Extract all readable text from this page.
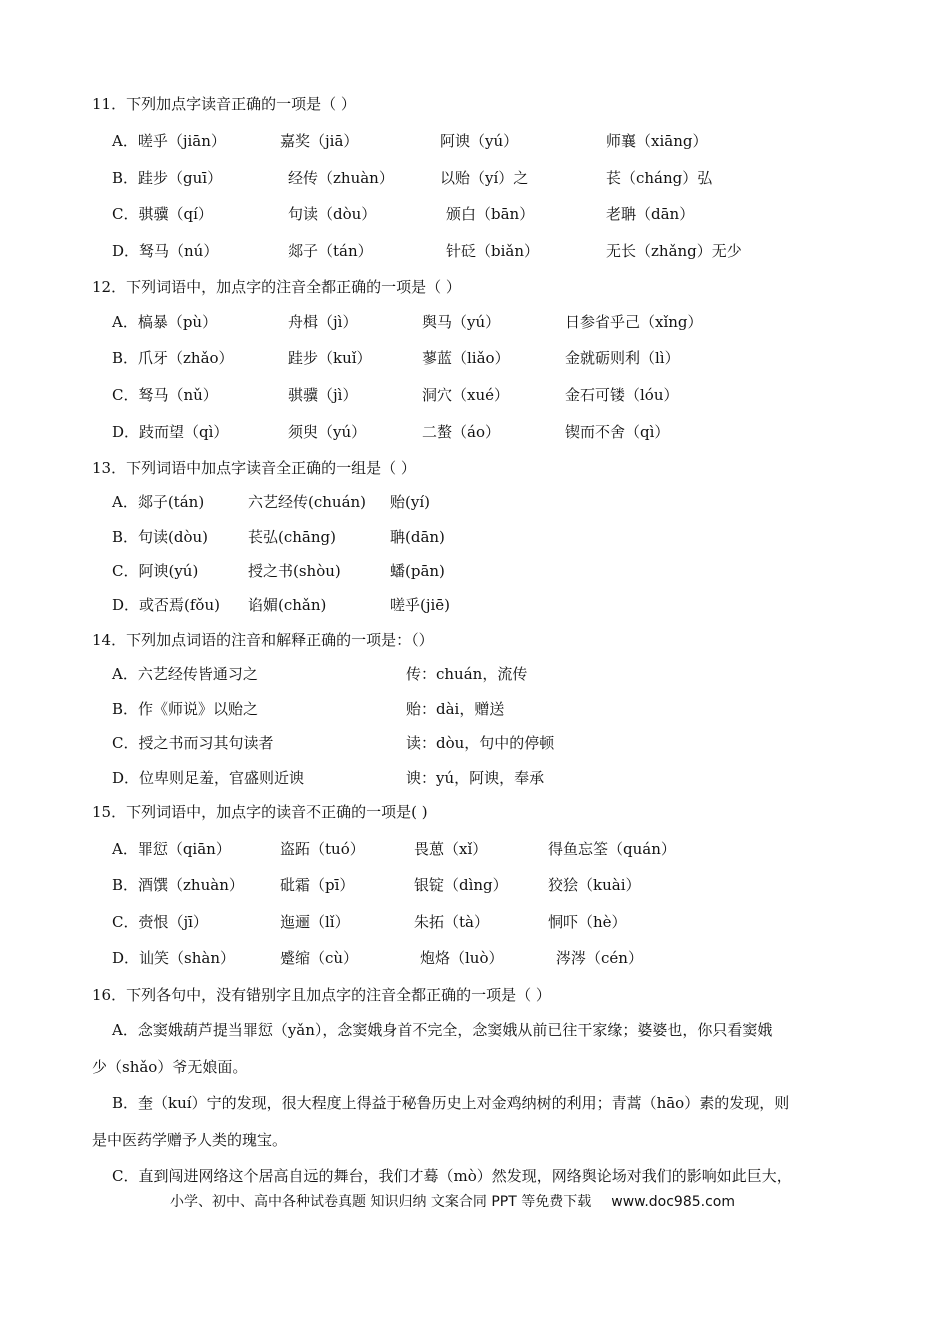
11．下列加点字读音正确的一项是（ ）
A．嗟乎（jiān）	嘉奖（jiā）	阿谀（yú）	师襄（xiāng）
B．跬步（guī）	经传（zhuàn）	以贻（yí）之	苌（cháng）弘
C．骐骥（qí）	句读（dòu）	颁白（bān）	老聃（dān）
D．驽马（nú）	郯子（tán）	针砭（biǎn）	无长（zhǎng）无少
12．下列词语中，加点字的注音全都正确的一项是（ ）
A．槁暴（pù）	舟楫（jì）	舆马（yú）	日参省乎己（xǐng）
B．爪牙（zhǎo）	跬步（kuǐ）	蓼蓝（liǎo）	金就砺则利（lì）
C．驽马（nǔ）	骐骥（jì）	洞穴（xué）	金石可镂（lóu）
D．跂而望（qì）	须臾（yú）	二螯（áo）	锲而不舍（qì）
13．下列词语中加点字读音全正确的一组是（ ）
A．郯子(tán)	六艺经传(chuán) 贻(yí)
B．句读(dòu)	苌弘(chāng)	聃(dān)
C．阿谀(yú)	授之书(shòu)	蟠(pān)
D．或否焉(fǒu) 谄媚(chǎn)	嗟乎(jiē)
14．下列加点词语的注音和解释正确的一项是：（）
A．六艺经传皆通习之	传：chuán，流传
B．作《师说》以贻之	贻：dài，赠送
C．授之书而习其句读者	读：dòu，句中的停顿
D．位卑则足羞，官盛则近谀	谀：yú，阿谀，奉承
15．下列词语中，加点字的读音不正确的一项是( )
A．罪愆（qiān）	盗跖（tuó）	畏葸（xǐ）	得鱼忘筌（quán）
B．酒馔（zhuàn） 砒霜（pī）	银锭（dìng）	狡狯（kuài）
C．赍恨（jī）	迤逦（lǐ）	朱拓（tà）	恫吓（hè）
D．讪笑（shàn）	蹙缩（cù）	炮烙（luò）	涔涔（cén）
16．下列各句中，没有错别字且加点字的注音全都正确的一项是（ ）
A．念窦娥葫芦提当罪愆（yǎn），念窦娥身首不完全，念窦娥从前已往干家缘；婆婆也，你只看窦娥
少（shǎo）爷无娘面。
B．奎（kuí）宁的发现，很大程度上得益于秘鲁历史上对金鸡纳树的利用；青蒿（hāo）素的发现，则
是中医药学赠予人类的瑰宝。
C．直到闯进网络这个居高自远的舞台，我们才蓦（mò）然发现，网络舆论场对我们的影响如此巨大，
小学、初中、高中各种试卷真题 知识归纳 文案合同 PPT 等免费下载 www.doc985.com
